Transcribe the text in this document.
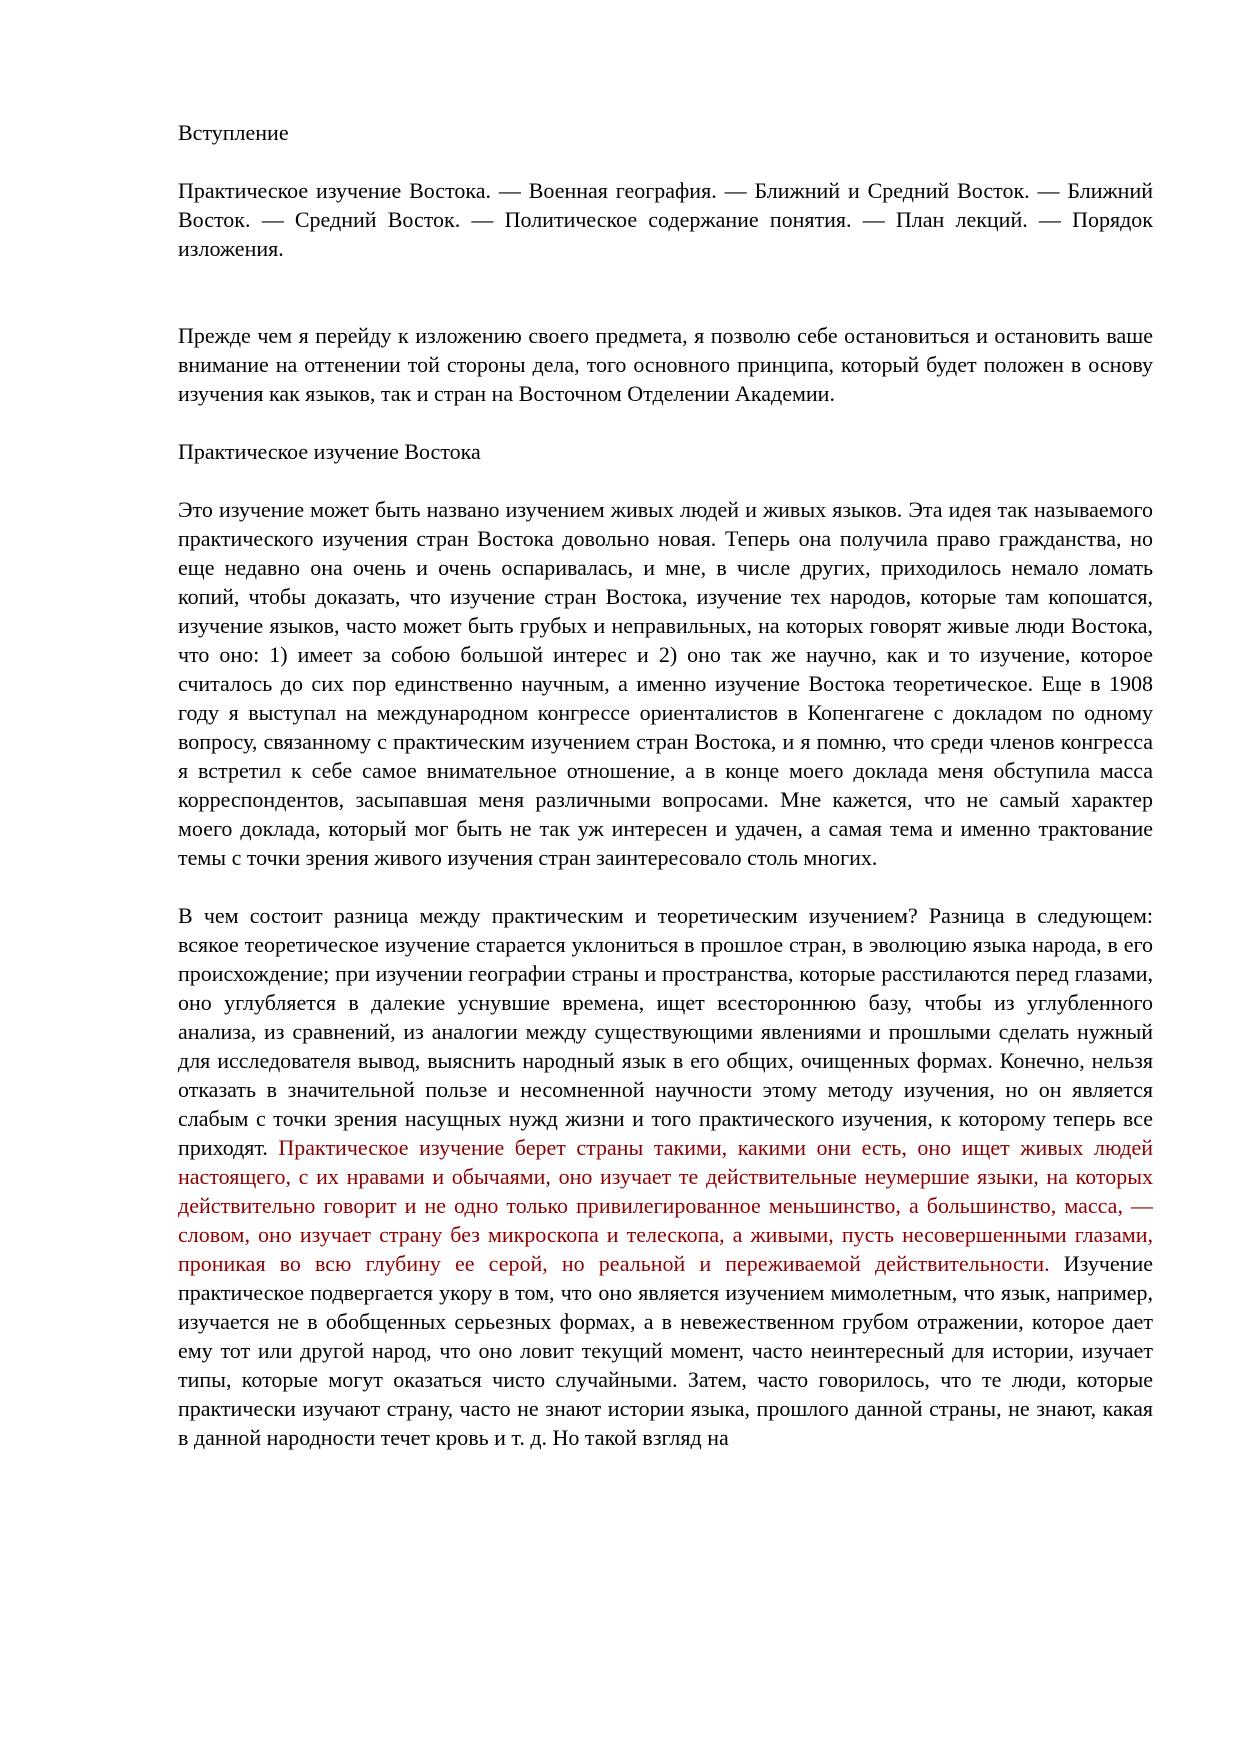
Вступление

Практическое изучение Востока. — Военная география. — Ближний и Средний Восток. — Ближний Восток. — Средний Восток. — Политическое содержание понятия. — План лекций. — Порядок изложения.

Прежде чем я перейду к изложению своего предмета, я позволю себе остановиться и остановить ваше внимание на оттенении той стороны дела, того основного принципа, который будет положен в основу изучения как языков, так и стран на Восточном Отделении Академии.

Практическое изучение Востока

Это изучение может быть названо изучением живых людей и живых языков. Эта идея так называемого практического изучения стран Востока довольно новая. Теперь она получила право гражданства, но еще недавно она очень и очень оспаривалась, и мне, в числе других, приходилось немало ломать копий, чтобы доказать, что изучение стран Востока, изучение тех народов, которые там копошатся, изучение языков, часто может быть грубых и неправильных, на которых говорят живые люди Востока, что оно: 1) имеет за собою большой интерес и 2) оно так же научно, как и то изучение, которое считалось до сих пор единственно научным, а именно изучение Востока теоретическое. Еще в 1908 году я выступал на международном конгрессе ориенталистов в Копенгагене с докладом по одному вопросу, связанному с практическим изучением стран Востока, и я помню, что среди членов конгресса я встретил к себе самое внимательное отношение, а в конце моего доклада меня обступила масса корреспондентов, засыпавшая меня различными вопросами. Мне кажется, что не самый характер моего доклада, который мог быть не так уж интересен и удачен, а самая тема и именно трактование темы с точки зрения живого изучения стран заинтересовало столь многих.

В чем состоит разница между практическим и теоретическим изучением? Разница в следующем: всякое теоретическое изучение старается уклониться в прошлое стран, в эволюцию языка народа, в его происхождение; при изучении географии страны и пространства, которые расстилаются перед глазами, оно углубляется в далекие уснувшие времена, ищет всестороннюю базу, чтобы из углубленного анализа, из сравнений, из аналогии между существующими явлениями и прошлыми сделать нужный для исследователя вывод, выяснить народный язык в его общих, очищенных формах. Конечно, нельзя отказать в значительной пользе и несомненной научности этому методу изучения, но он является слабым с точки зрения насущных нужд жизни и того практического изучения, к которому теперь все приходят. Практическое изучение берет страны такими, какими они есть, оно ищет живых людей настоящего, с их нравами и обычаями, оно изучает те действительные неумершие языки, на которых действительно говорит и не одно только привилегированное меньшинство, а большинство, масса, — словом, оно изучает страну без микроскопа и телескопа, а живыми, пусть несовершенными глазами, проникая во всю глубину ее серой, но реальной и переживаемой действительности. Изучение практическое подвергается укору в том, что оно является изучением мимолетным, что язык, например, изучается не в обобщенных серьезных формах, а в невежественном грубом отражении, которое дает ему тот или другой народ, что оно ловит текущий момент, часто неинтересный для истории, изучает типы, которые могут оказаться чисто случайными. Затем, часто говорилось, что те люди, которые практически изучают страну, часто не знают истории языка, прошлого данной страны, не знают, какая в данной народности течет кровь и т. д. Но такой взгляд на
